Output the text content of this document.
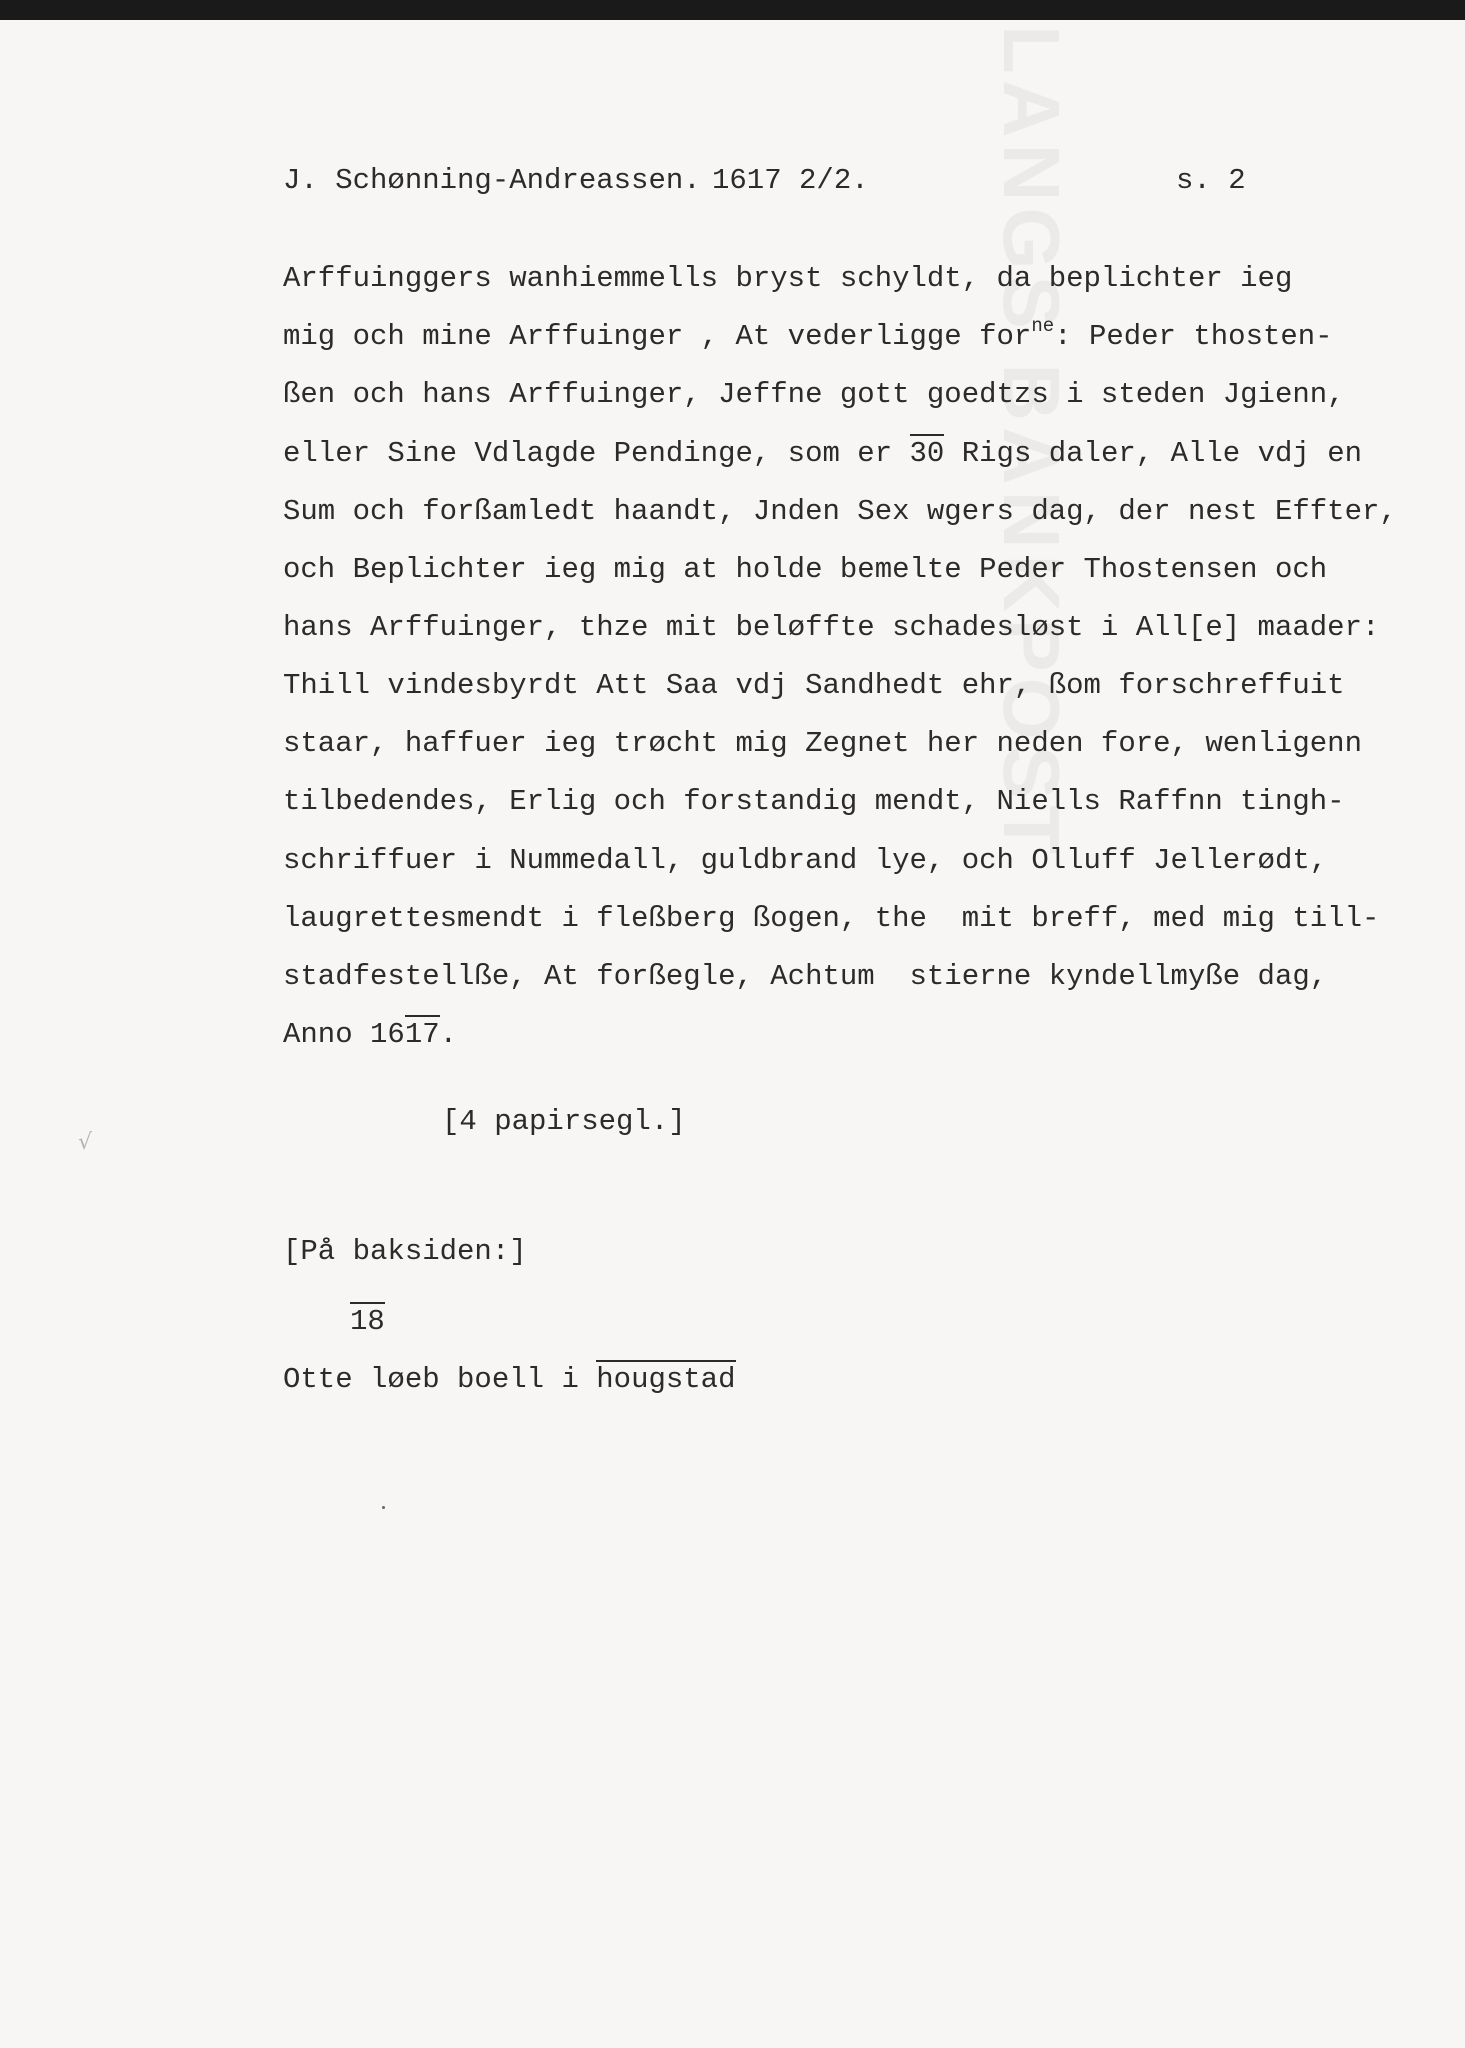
√
J. Schønning-Andreassen. 1617 2/2.	s. 2
Arffuinggers wanhiemmells bryst schyldt, da beplichter ieg
mig och mine Arffuinger , At vederligge for$^{ne}$: Peder thosten-
ßen och hans Arffuinger, Jeffne gott goedtzs i steden Jgienn,
eller Sine Vdlagde Pendinge, som er 30 Rigs daler, Alle vdj en
Sum och forßamledt haandt, Jnden Sex wgers dag, der nest Effter,
och Beplichter ieg mig at holde bemelte Peder Thostensen och
hans Arffuinger, thze mit beløffte schadesløst i All[e] maader:
Thill vindesbyrdt Att Saa vdj Sandhedt ehr, ßom forschreffuit
staar, haffuer ieg trøcht mig Zegnet her neden fore, wenligenn
tilbedendes, Erlig och forstandig mendt, Niells Raffnn tingh-
schriffuer i Nummedall, guldbrand lye, och Olluff Jellerødt,
laugrettesmendt i fleßberg ßogen, the  mit breff, med mig till-
stadfestellße, At forßegle, Achtum  stierne kyndellmyße dag,
Anno 1617.
[4 papirsegl.]
[På baksiden:]
18
Otte løeb boell i hougstad
